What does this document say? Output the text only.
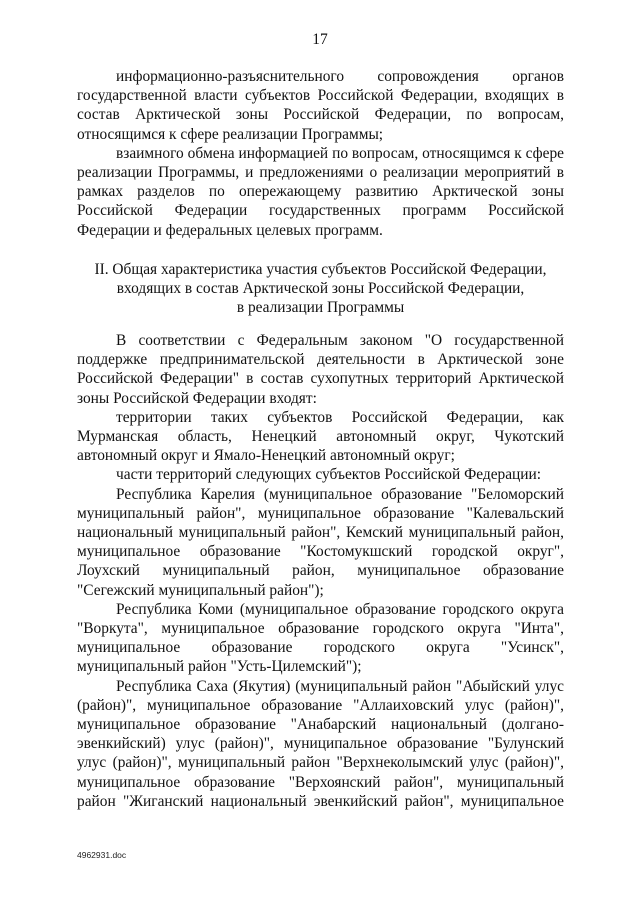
17

информационно-разъяснительного сопровождения органов государственной власти субъектов Российской Федерации, входящих в состав Арктической зоны Российской Федерации, по вопросам, относящимся к сфере реализации Программы;

взаимного обмена информацией по вопросам, относящимся к сфере реализации Программы, и предложениями о реализации мероприятий в рамках разделов по опережающему развитию Арктической зоны Российской Федерации государственных программ Российской Федерации и федеральных целевых программ.

II. Общая характеристика участия субъектов Российской Федерации,
входящих в состав Арктической зоны Российской Федерации,
в реализации Программы

В соответствии с Федеральным законом "О государственной поддержке предпринимательской деятельности в Арктической зоне Российской Федерации" в состав сухопутных территорий Арктической зоны Российской Федерации входят:

территории таких субъектов Российской Федерации, как Мурманская область, Ненецкий автономный округ, Чукотский автономный округ и Ямало-Ненецкий автономный округ;

части территорий следующих субъектов Российской Федерации:

Республика Карелия (муниципальное образование "Беломорский муниципальный район", муниципальное образование "Калевальский национальный муниципальный район", Кемский муниципальный район, муниципальное образование "Костомукшский городской округ", Лоухский муниципальный район, муниципальное образование "Сегежский муниципальный район");

Республика Коми (муниципальное образование городского округа "Воркута", муниципальное образование городского округа "Инта", муниципальное образование городского округа "Усинск", муниципальный район "Усть-Цилемский");

Республика Саха (Якутия) (муниципальный район "Абыйский улус (район)", муниципальное образование "Аллаиховский улус (район)", муниципальное образование "Анабарский национальный (долгано-эвенкийский) улус (район)", муниципальное образование "Булунский улус (район)", муниципальный район "Верхнеколымский улус (район)", муниципальное образование "Верхоянский район", муниципальный район "Жиганский национальный эвенкийский район", муниципальное

4962931.doc
